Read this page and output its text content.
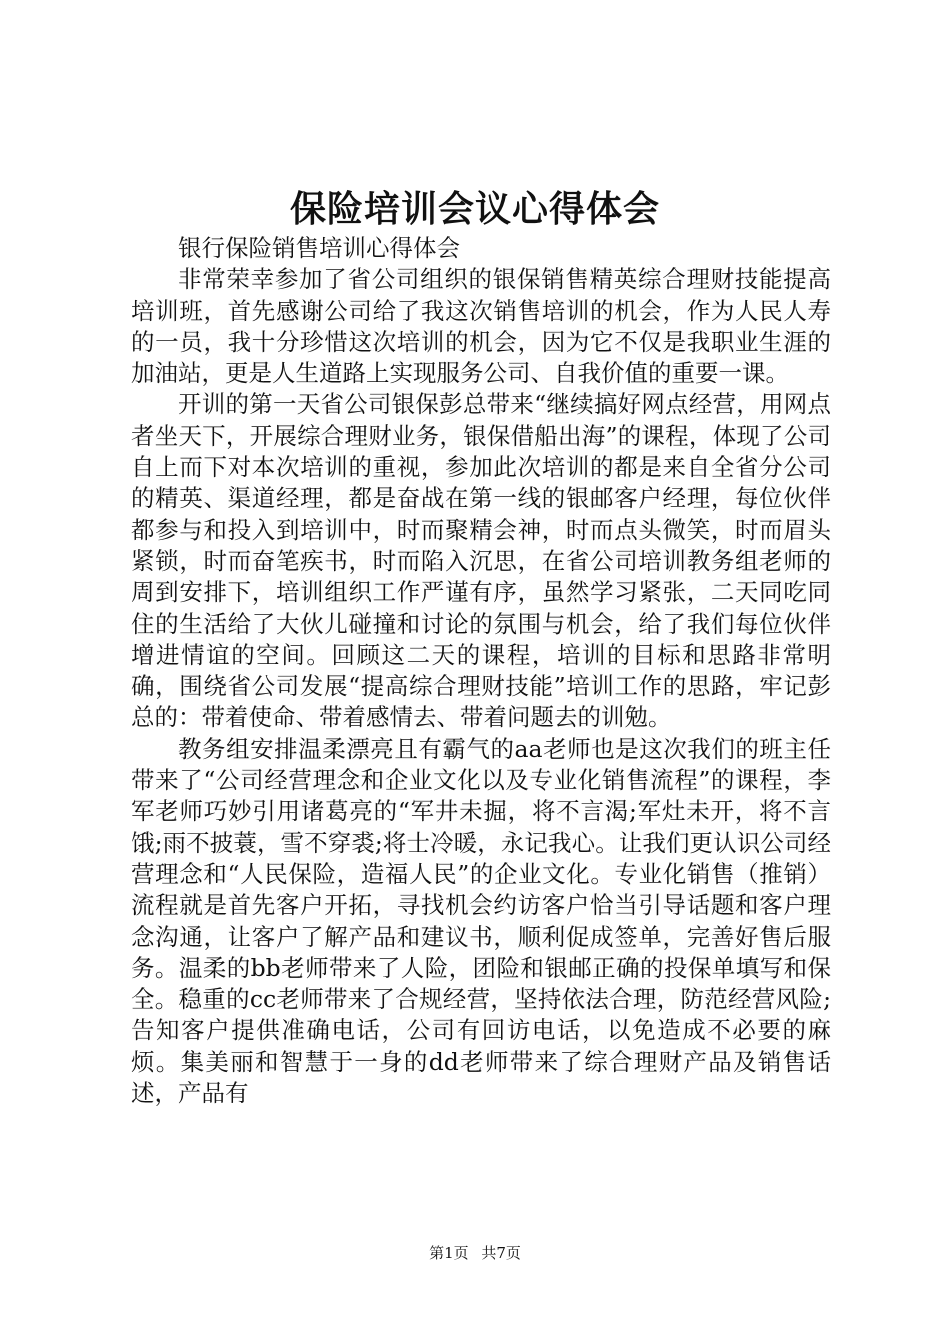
保险培训会议心得体会

银行保险销售培训心得体会

非常荣幸参加了省公司组织的银保销售精英综合理财技能提高培训班，首先感谢公司给了我这次销售培训的机会，作为人民人寿的一员，我十分珍惜这次培训的机会，因为它不仅是我职业生涯的加油站，更是人生道路上实现服务公司、自我价值的重要一课。

开训的第一天省公司银保彭总带来“继续搞好网点经营，用网点者坐天下，开展综合理财业务，银保借船出海”的课程，体现了公司自上而下对本次培训的重视，参加此次培训的都是来自全省分公司的精英、渠道经理，都是奋战在第一线的银邮客户经理，每位伙伴都参与和投入到培训中，时而聚精会神，时而点头微笑，时而眉头紧锁，时而奋笔疾书，时而陷入沉思，在省公司培训教务组老师的周到安排下，培训组织工作严谨有序，虽然学习紧张，二天同吃同住的生活给了大伙儿碰撞和讨论的氛围与机会，给了我们每位伙伴增进情谊的空间。回顾这二天的课程，培训的目标和思路非常明确，围绕省公司发展“提高综合理财技能”培训工作的思路，牢记彭总的：带着使命、带着感情去、带着问题去的训勉。

教务组安排温柔漂亮且有霸气的aa老师也是这次我们的班主任带来了“公司经营理念和企业文化以及专业化销售流程”的课程，李军老师巧妙引用诸葛亮的“军井未掘，将不言渴;军灶未开，将不言饿;雨不披蓑，雪不穿裘;将士冷暖，永记我心。让我们更认识公司经营理念和“人民保险，造福人民”的企业文化。专业化销售（推销）流程就是首先客户开拓，寻找机会约访客户恰当引导话题和客户理念沟通，让客户了解产品和建议书，顺利促成签单，完善好售后服务。温柔的bb老师带来了人险，团险和银邮正确的投保单填写和保全。稳重的cc老师带来了合规经营，坚持依法合理，防范经营风险;告知客户提供准确电话，公司有回访电话，以免造成不必要的麻烦。集美丽和智慧于一身的dd老师带来了综合理财产品及销售话述，产品有

第1页 共7页
